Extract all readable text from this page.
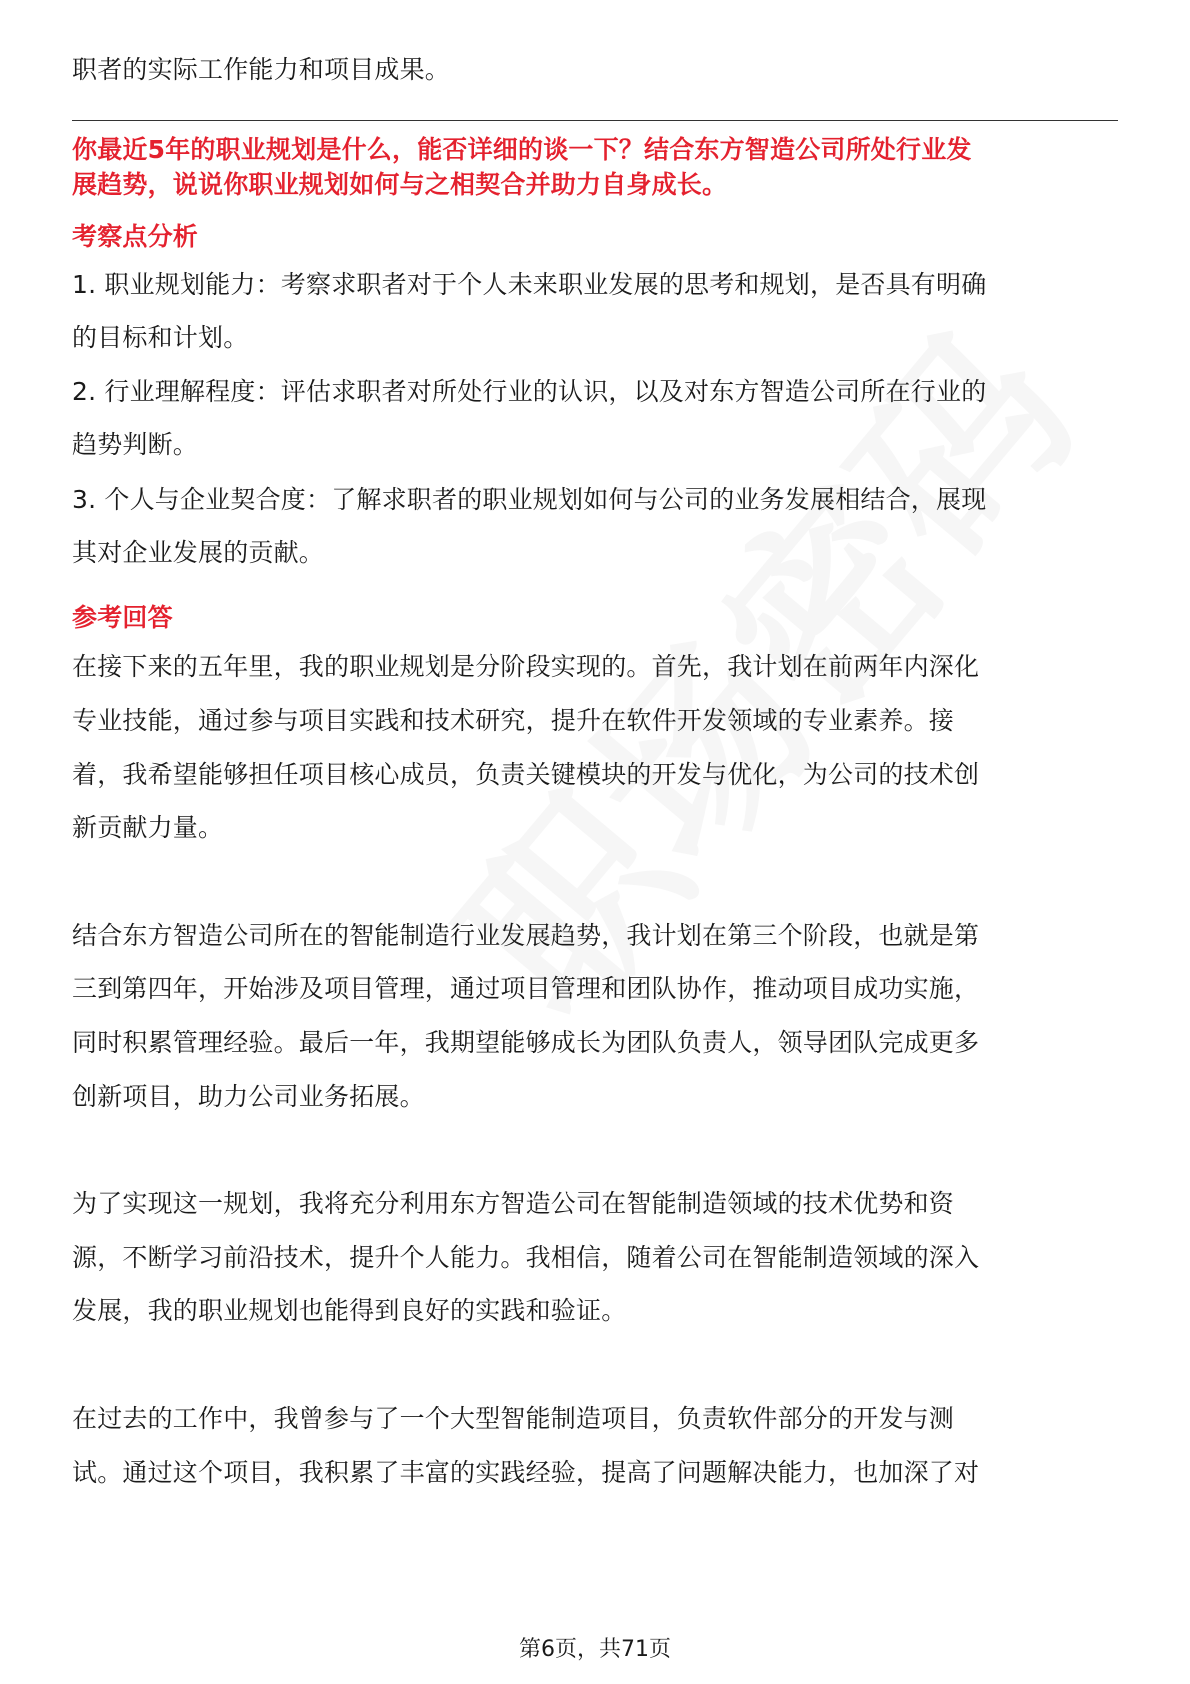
职者的实际工作能力和项目成果。
你最近5年的职业规划是什么，能否详细的谈一下？结合东方智造公司所处行业发
展趋势，说说你职业规划如何与之相契合并助力自身成长。
考察点分析
1. 职业规划能力：考察求职者对于个人未来职业发展的思考和规划，是否具有明确
的目标和计划。
2. 行业理解程度：评估求职者对所处行业的认识，以及对东方智造公司所在行业的
趋势判断。
3. 个人与企业契合度：了解求职者的职业规划如何与公司的业务发展相结合，展现
其对企业发展的贡献。
参考回答
在接下来的五年里，我的职业规划是分阶段实现的。首先，我计划在前两年内深化
专业技能，通过参与项目实践和技术研究，提升在软件开发领域的专业素养。接
着，我希望能够担任项目核心成员，负责关键模块的开发与优化，为公司的技术创
新贡献力量。
结合东方智造公司所在的智能制造行业发展趋势，我计划在第三个阶段，也就是第
三到第四年，开始涉及项目管理，通过项目管理和团队协作，推动项目成功实施，
同时积累管理经验。最后一年，我期望能够成长为团队负责人，领导团队完成更多
创新项目，助力公司业务拓展。
为了实现这一规划，我将充分利用东方智造公司在智能制造领域的技术优势和资
源，不断学习前沿技术，提升个人能力。我相信，随着公司在智能制造领域的深入
发展，我的职业规划也能得到良好的实践和验证。
在过去的工作中，我曾参与了一个大型智能制造项目，负责软件部分的开发与测
试。通过这个项目，我积累了丰富的实践经验，提高了问题解决能力，也加深了对
第6页，共71页
